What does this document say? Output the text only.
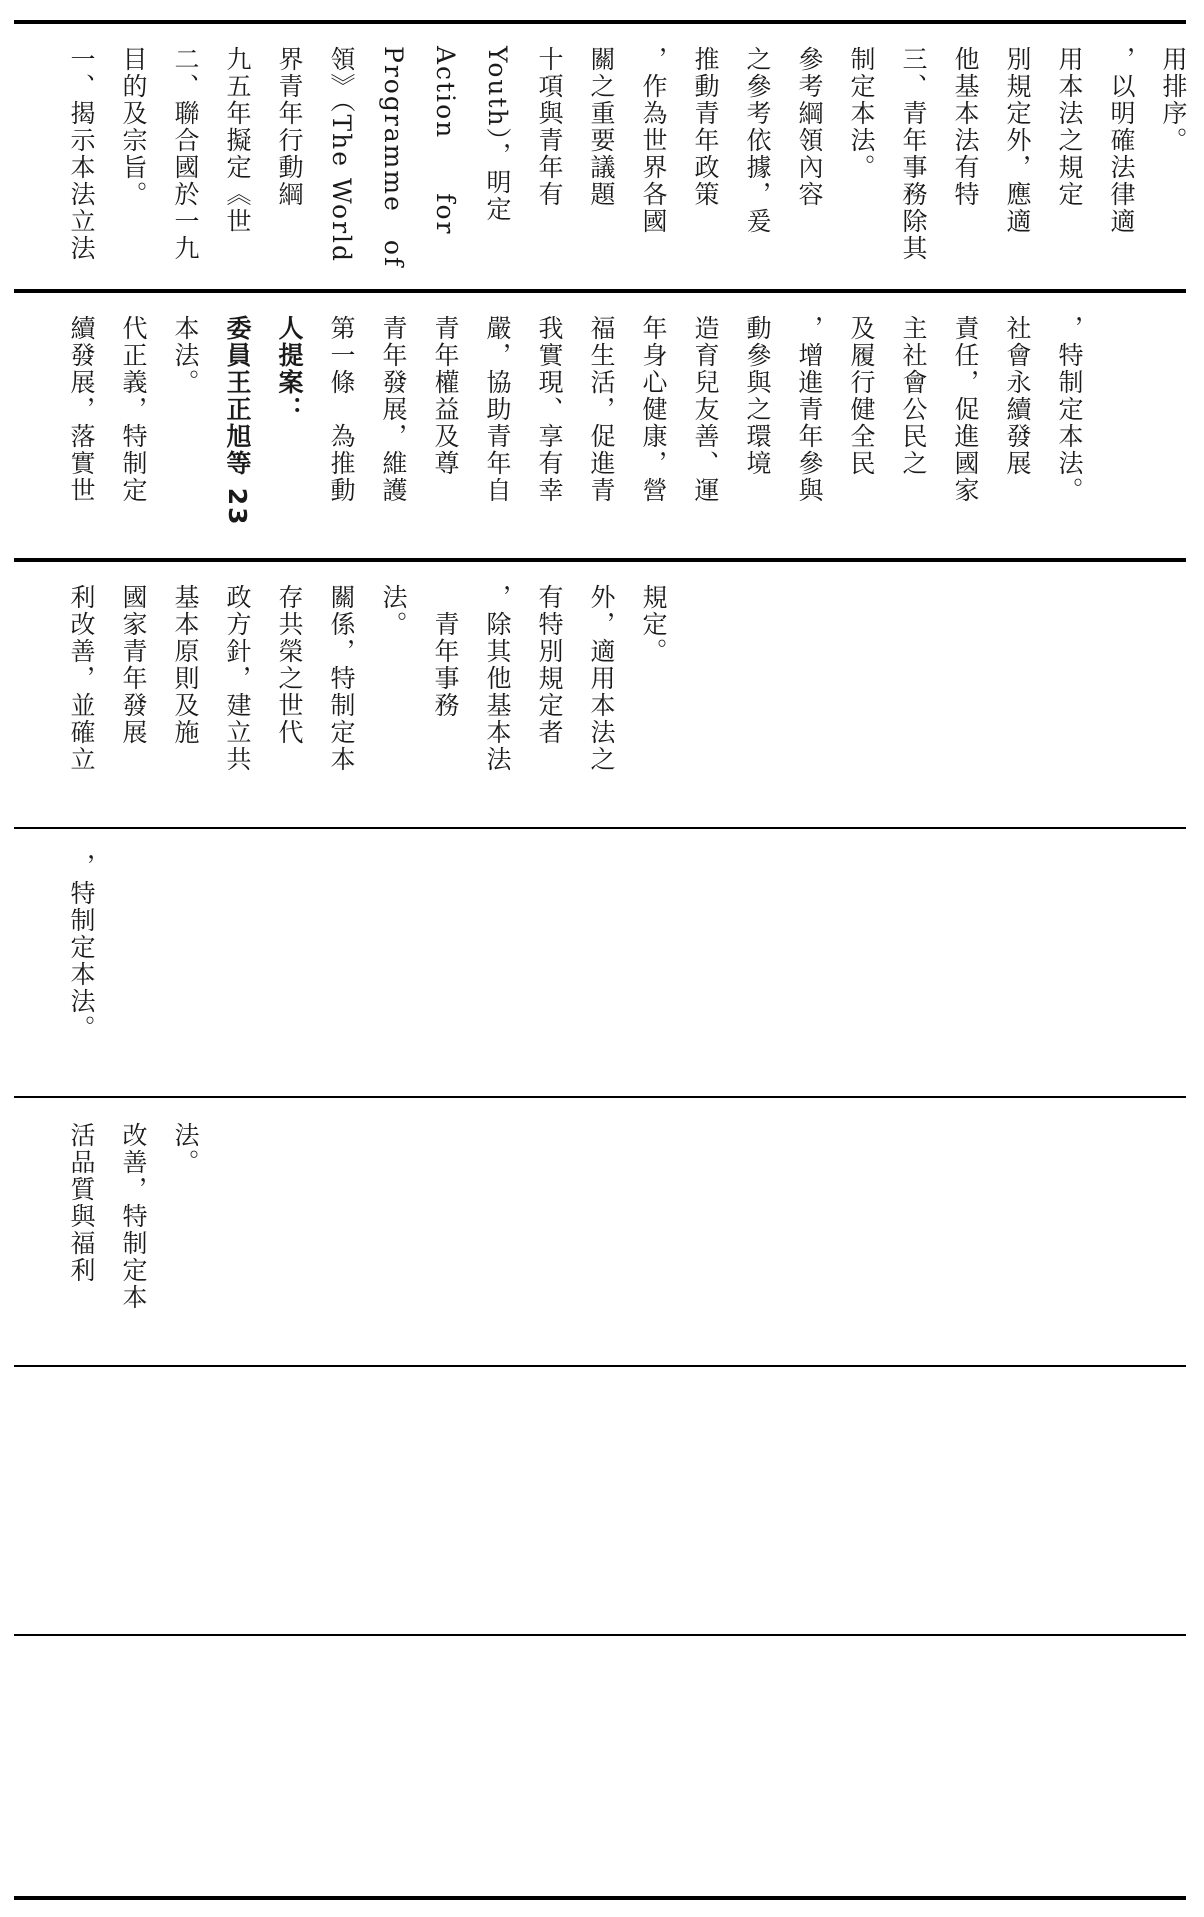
一、揭示本法立法 目的及宗旨。 二、聯合國於一九 九五年擬定《世 界青年行動綱 領》（The World Programme　of Action　　for Youth），明定 十項與青年有 關之重要議題 ，作為世界各國 推動青年政策 之參考依據，爰 參考綱領內容 制定本法。 三、青年事務除其 他基本法有特 別規定外，應適 用本法之規定 ，以明確法律適 用排序。
續發展，落實世 代正義，特制定 本法。 委員王正旭等 23 人提案： 第一條　為推動 青年發展，維護 青年權益及尊 嚴，協助青年自 我實現、享有幸 福生活，促進青 年身心健康，營 造育兒友善、運 動參與之環境 ，增進青年參與 及履行健全民 主社會公民之 責任，促進國家 社會永續發展 ，特制定本法。
利改善，並確立 國家青年發展 基本原則及施 政方針，建立共 存共榮之世代 關係，特制定本 法。 　青年事務 ，除其他基本法 有特別規定者 外，適用本法之 規定。
，特制定本法。
活品質與福利 改善，特制定本 法。
